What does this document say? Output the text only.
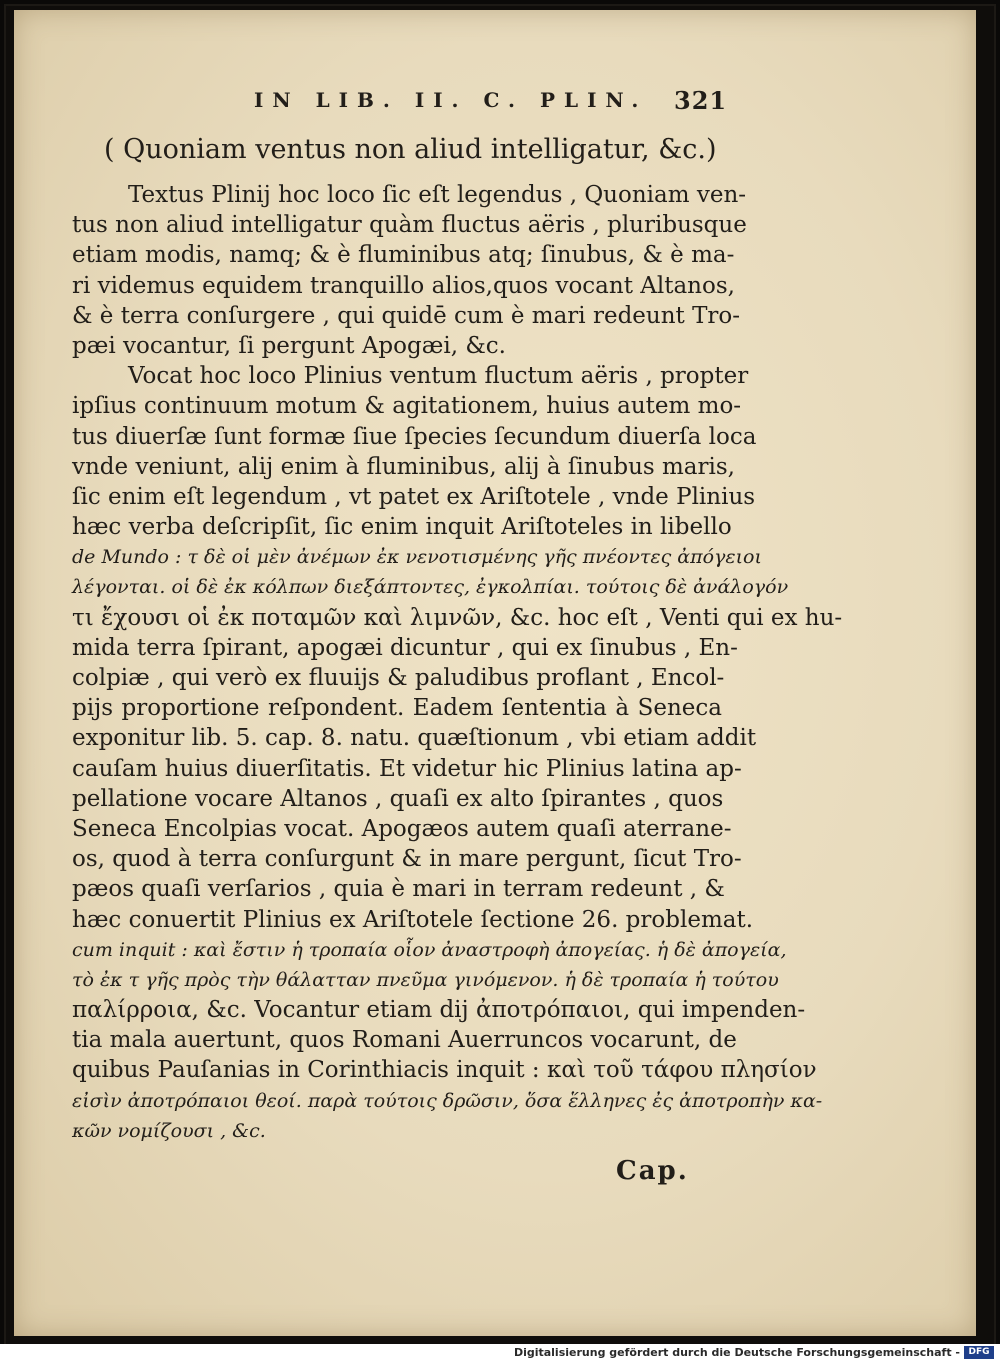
IN LIB. II. C. PLIN. 321
( Quoniam ventus non aliud intelligatur, &c.)
Textus Plinij hoc loco ſic eſt legendus , Quoniam ven-
tus non aliud intelligatur quàm fluctus aëris , pluribusque
etiam modis, namq; & è fluminibus atq; ſinubus, & è ma-
ri videmus equidem tranquillo alios,quos vocant Altanos,
& è terra conſurgere , qui quidē cum è mari redeunt Tro-
pæi vocantur, ſi pergunt Apogæi, &c.
Vocat hoc loco Plinius ventum fluctum aëris , propter
ipſius continuum motum & agitationem, huius autem mo-
tus diuerſæ ſunt formæ ſiue ſpecies ſecundum diuerſa loca
vnde veniunt, alij enim à fluminibus, alij à ſinubus maris,
ſic enim eſt legendum , vt patet ex Ariſtotele , vnde Plinius
hæc verba deſcripſit, ſic enim inquit Ariſtoteles in libello
de Mundo : τ δὲ οἱ μὲν ἀνέμων ἐκ νενοτισμένης γῆς πνέοντες ἀπόγειοι
λέγονται. οἱ δὲ ἐκ κόλπων διεξάπτοντες, ἐγκολπίαι. τούτοις δὲ ἀνάλογόν
τι ἔχουσι οἱ ἐκ ποταμῶν καὶ λιμνῶν, &c. hoc eſt , Venti qui ex hu-
mida terra ſpirant, apogæi dicuntur , qui ex ſinubus , En-
colpiæ , qui verò ex fluuijs & paludibus proflant , Encol-
pijs proportione reſpondent. Eadem ſententia à Seneca
exponitur lib. 5. cap. 8. natu. quæſtionum , vbi etiam addit
cauſam huius diuerſitatis. Et videtur hic Plinius latina ap-
pellatione vocare Altanos , quaſi ex alto ſpirantes , quos
Seneca Encolpias vocat. Apogæos autem quaſi aterrane-
os, quod à terra conſurgunt & in mare pergunt, ſicut Tro-
pæos quaſi verſarios , quia è mari in terram redeunt , &
hæc conuertit Plinius ex Ariſtotele ſectione 26. problemat.
cum inquit : καὶ ἔστιν ἡ τροπαία οἷον ἀναστροφὴ ἀπογείας. ἡ δὲ ἀπογεία,
τὸ ἐκ τ γῆς πρὸς τὴν θάλατταν πνεῦμα γινόμενον. ἡ δὲ τροπαία ἡ τούτου
παλίρροια, &c. Vocantur etiam dij ἀποτρόπαιοι, qui impenden-
tia mala auertunt, quos Romani Auerruncos vocarunt, de
quibus Pauſanias in Corinthiacis inquit : καὶ τοῦ τάφου πλησίον
εἰσὶν ἀποτρόπαιοι θεοί. παρὰ τούτοις δρῶσιν, ὅσα ἕλληνες ἐς ἀποτροπὴν κα-
κῶν νομίζουσι , &c.
Cap.
Digitalisierung gefördert durch die Deutsche Forschungsgemeinschaft - DFG
